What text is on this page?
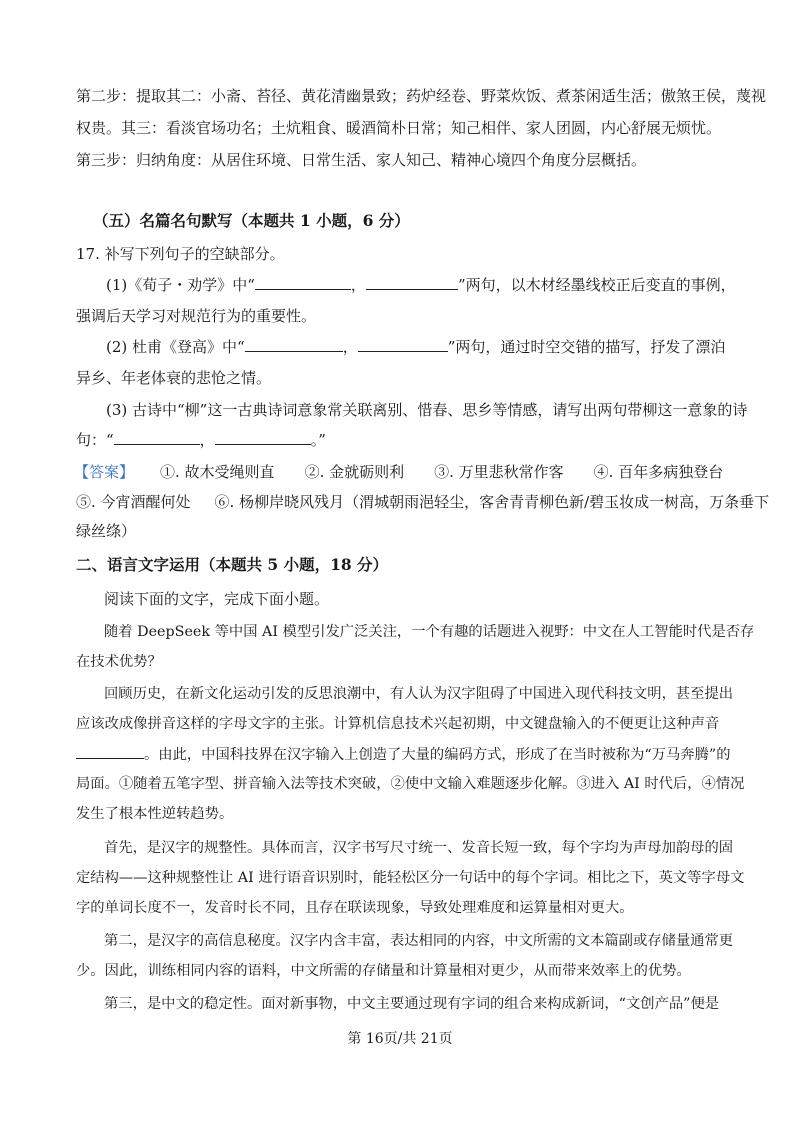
第二步：提取其二：小斋、苔径、黄花清幽景致；药炉经卷、野菜炊饭、煮茶闲适生活；傲煞王侯，蔑视
权贵。其三：看淡官场功名；土炕粗食、暖酒简朴日常；知己相伴、家人团圆，内心舒展无烦忧。
第三步：归纳角度：从居住环境、日常生活、家人知己、精神心境四个角度分层概括。
（五）名篇名句默写（本题共 1 小题，6 分）
17. 补写下列句子的空缺部分。
(1)《荀子・劝学》中“	，	”两句，以木材经墨线校正后变直的事例，
强调后天学习对规范行为的重要性。
(2) 杜甫《登高》中“	，	”两句，通过时空交错的描写，抒发了漂泊
异乡、年老体衰的悲怆之情。
(3) 古诗中“柳”这一古典诗词意象常关联离别、惜春、思乡等情感，请写出两句带柳这一意象的诗
句：“	，	。”
【答案】 ①. 故木受绳则直 ②. 金就砺则利 ③. 万里悲秋常作客 ④. 百年多病独登台
⑤. 今宵酒醒何处 ⑥. 杨柳岸晓风残月（渭城朝雨浥轻尘，客舍青青柳色新/碧玉妆成一树高，万条垂下
绿丝绦）
二、语言文字运用（本题共 5 小题，18 分）
阅读下面的文字，完成下面小题。
随着 DeepSeek 等中国 AI 模型引发广泛关注，一个有趣的话题进入视野：中文在人工智能时代是否存
在技术优势？
回顾历史，在新文化运动引发的反思浪潮中，有人认为汉字阻碍了中国进入现代科技文明，甚至提出
应该改成像拼音这样的字母文字的主张。计算机信息技术兴起初期，中文键盘输入的不便更让这种声音
。由此，中国科技界在汉字输入上创造了大量的编码方式，形成了在当时被称为“万马奔腾”的
局面。①随着五笔字型、拼音输入法等技术突破，②使中文输入难题逐步化解。③进入 AI 时代后，④情况
发生了根本性逆转趋势。
首先，是汉字的规整性。具体而言，汉字书写尺寸统一、发音长短一致，每个字均为声母加韵母的固
定结构——这种规整性让 AI 进行语音识别时，能轻松区分一句话中的每个字词。相比之下，英文等字母文
字的单词长度不一，发音时长不同，且存在联读现象，导致处理难度和运算量相对更大。
第二，是汉字的高信息秘度。汉字内含丰富，表达相同的内容，中文所需的文本篇副或存储量通常更
少。因此，训练相同内容的语料，中文所需的存储量和计算量相对更少，从而带来效率上的优势。
第三，是中文的稳定性。面对新事物，中文主要通过现有字词的组合来构成新词，“文创产品”便是
第 16页/共 21页
